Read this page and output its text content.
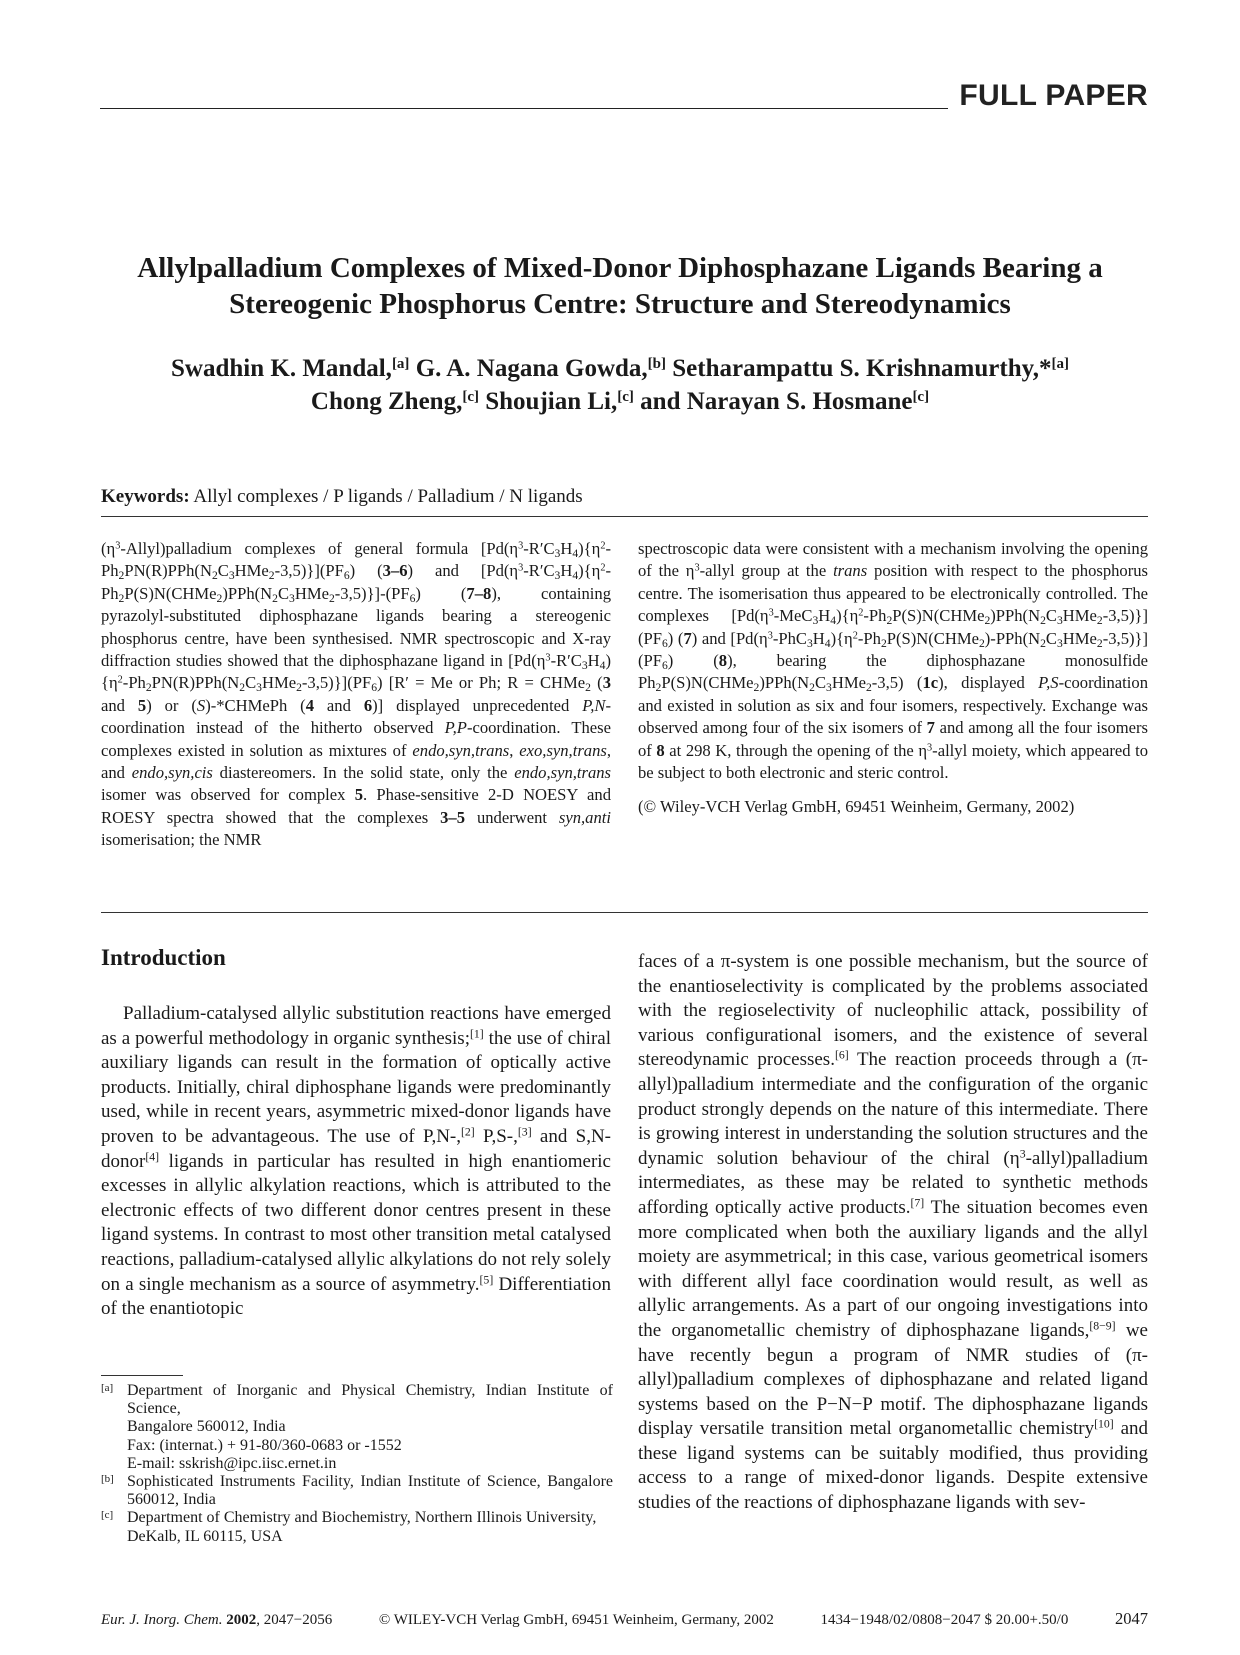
FULL PAPER
Allylpalladium Complexes of Mixed-Donor Diphosphazane Ligands Bearing a
Stereogenic Phosphorus Centre: Structure and Stereodynamics
Swadhin K. Mandal,[a] G. A. Nagana Gowda,[b] Setharampattu S. Krishnamurthy,*[a]
Chong Zheng,[c] Shoujian Li,[c] and Narayan S. Hosmane[c]
Keywords: Allyl complexes / P ligands / Palladium / N ligands

$(\eta^3-Allyl)palladium$ complexes of general formula $[Pd(\eta^3-R'C_3H_4)\{\eta^2-Ph_2PN(R)PPh(N_2C_3HMe_2-3,5)\}](PF_6)$ (3–6) and $[Pd(\eta^3-R'C_3H_4)\{\eta^2-Ph_2P(S)N(CHMe_2)PPh(N_2C_3HMe_2-3,5)\}]-(PF_6)$ (7–8), containing pyrazolyl-substituted diphosphazane ligands bearing a stereogenic phosphorus centre, have been synthesised. NMR spectroscopic and X-ray diffraction studies showed that the diphosphazane ligand in $[Pd(\eta^3-R'C_3H_4)\{\eta^2-Ph_2PN(R)PPh(N_2C_3HMe_2-3,5)\}](PF_6) [R' = Me$ or Ph; R = CHMe$_2$ (3 and 5) or (S)-*CHMePh (4 and 6)] displayed unprecedented P,N-coordination instead of the hitherto observed P,P-coordination. These complexes existed in solution as mixtures of endo,syn,trans, exo,syn,trans, and endo,syn,cis diastereomers. In the solid state, only the endo,syn,trans isomer was observed for complex 5. Phase-sensitive 2-D NOESY and ROESY spectra showed that the complexes 3–5 underwent syn,anti isomerisation; the NMR

spectroscopic data were consistent with a mechanism involving the opening of the $\eta^3$-allyl group at the trans position with respect to the phosphorus centre. The isomerisation thus appeared to be electronically controlled. The complexes $[Pd(\eta^3-MeC_3H_4)\{\eta^2-Ph_2P(S)N(CHMe_2)PPh(N_2C_3HMe_2-3,5)\}](PF_6)$ (7) and $[Pd(\eta^3-PhC_3H_4)\{\eta^2-Ph_2P(S)N(CHMe_2)-PPh(N_2C_3HMe_2-3,5)\}](PF_6)$ (8), bearing the diphosphazane monosulfide $Ph_2P(S)N(CHMe_2)PPh(N_2C_3HMe_2-3,5)$ (1c), displayed P,S-coordination and existed in solution as six and four isomers, respectively. Exchange was observed among four of the six isomers of 7 and among all the four isomers of 8 at 298 K, through the opening of the $\eta^3$-allyl moiety, which appeared to be subject to both electronic and steric control.

(© Wiley-VCH Verlag GmbH, 69451 Weinheim, Germany, 2002)

Introduction

Palladium-catalysed allylic substitution reactions have emerged as a powerful methodology in organic synthesis;[1] the use of chiral auxiliary ligands can result in the formation of optically active products. Initially, chiral diphosphane ligands were predominantly used, while in recent years, asymmetric mixed-donor ligands have proven to be advantageous. The use of P,N-,[2] P,S-,[3] and S,N-donor[4] ligands in particular has resulted in high enantiomeric excesses in allylic alkylation reactions, which is attributed to the electronic effects of two different donor centres present in these ligand systems. In contrast to most other transition metal catalysed reactions, palladium-catalysed allylic alkylations do not rely solely on a single mechanism as a source of asymmetry.[5] Differentiation of the enantiotopic

faces of a π-system is one possible mechanism, but the source of the enantioselectivity is complicated by the problems associated with the regioselectivity of nucleophilic attack, possibility of various configurational isomers, and the existence of several stereodynamic processes.[6] The reaction proceeds through a (π-allyl)palladium intermediate and the configuration of the organic product strongly depends on the nature of this intermediate. There is growing interest in understanding the solution structures and the dynamic solution behaviour of the chiral $(\eta^3-allyl)palladium$ intermediates, as these may be related to synthetic methods affording optically active products.[7] The situation becomes even more complicated when both the auxiliary ligands and the allyl moiety are asymmetrical; in this case, various geometrical isomers with different allyl face coordination would result, as well as allylic arrangements. As a part of our ongoing investigations into the organometallic chemistry of diphosphazane ligands,[8−9] we have recently begun a program of NMR studies of (π-allyl)palladium complexes of diphosphazane and related ligand systems based on the P−N−P motif. The diphosphazane ligands display versatile transition metal organometallic chemistry[10] and these ligand systems can be suitably modified, thus providing access to a range of mixed-donor ligands. Despite extensive studies of the reactions of diphosphazane ligands with sev-

[a] Department of Inorganic and Physical Chemistry, Indian Institute of Science,
Bangalore 560012, India
Fax: (internat.) + 91-80/360-0683 or -1552
E-mail: sskrish@ipc.iisc.ernet.in
[b] Sophisticated Instruments Facility, Indian Institute of Science, Bangalore 560012, India
[c] Department of Chemistry and Biochemistry, Northern Illinois University,
DeKalb, IL 60115, USA
Eur. J. Inorg. Chem. 2002, 2047−2056	© WILEY-VCH Verlag GmbH, 69451 Weinheim, Germany, 2002	1434−1948/02/0808−2047 $ 20.00+.50/0	2047
